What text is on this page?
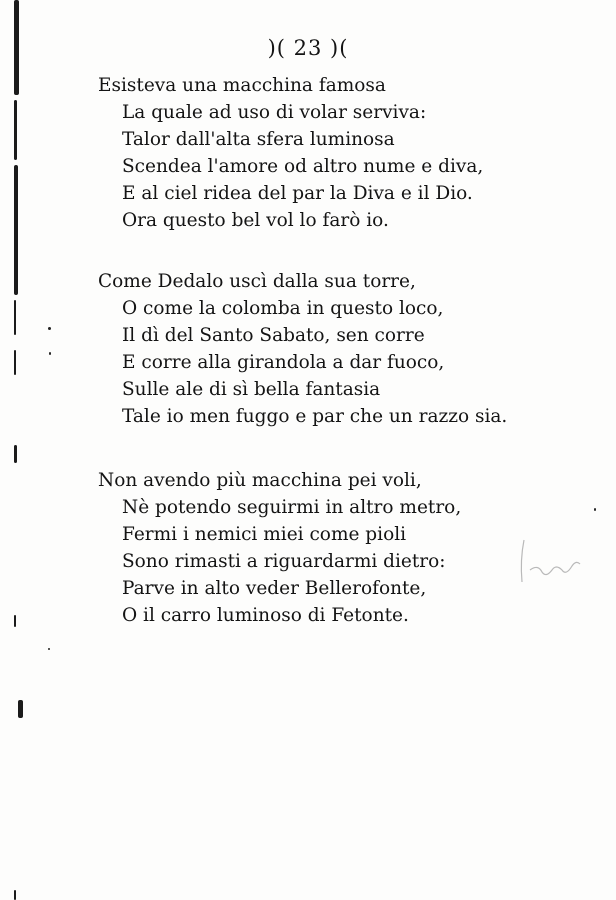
)( 23 )(
Esisteva una macchina famosa
La quale ad uso di volar serviva:
Talor dall'alta sfera luminosa
Scendea l'amore od altro nume e diva,
E al ciel ridea del par la Diva e il Dio.
Ora questo bel vol lo farò io.
Come Dedalo uscì dalla sua torre,
O come la colomba in questo loco,
Il dì del Santo Sabato, sen corre
E corre alla girandola a dar fuoco,
Sulle ale di sì bella fantasia
Tale io men fuggo e par che un razzo sia.
Non avendo più macchina pei voli,
Nè potendo seguirmi in altro metro,
Fermi i nemici miei come pioli
Sono rimasti a riguardarmi dietro:
Parve in alto veder Bellerofonte,
O il carro luminoso di Fetonte.
